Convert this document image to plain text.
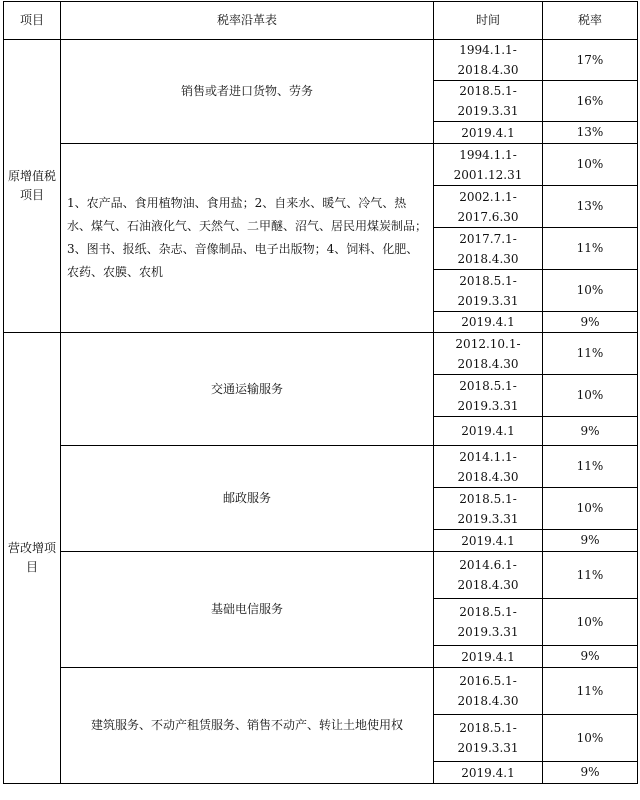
项目	税率沿革表	时间	税率
原增值税项目	销售或者进口货物、劳务	1994.1.1-
2018.4.30	17%

		2018.5.1-
2019.3.31	16%

		2019.4.1	13%
	1、农产品、食用植物油、食用盐；2、自来水、暖气、冷气、热水、煤气、石油液化气、天然气、二甲醚、沼气、居民用煤炭制品；3、图书、报纸、杂志、音像制品、电子出版物；4、饲料、化肥、农药、农膜、农机	1994.1.1-
2001.12.31	10%

		2002.1.1-
2017.6.30	13%

		2017.7.1-
2018.4.30	11%

		2018.5.1-
2019.3.31	10%

		2019.4.1	9%
营改增项目	交通运输服务	2012.10.1-
2018.4.30	11%

		2018.5.1-
2019.3.31	10%

		2019.4.1	9%
	邮政服务	2014.1.1-
2018.4.30	11%

		2018.5.1-
2019.3.31	10%

		2019.4.1	9%
	基础电信服务	2014.6.1-
2018.4.30	11%

		2018.5.1-
2019.3.31	10%

		2019.4.1	9%
	建筑服务、不动产租赁服务、销售不动产、转让土地使用权	2016.5.1-
2018.4.30	11%

		2018.5.1-
2019.3.31	10%

		2019.4.1	9%
